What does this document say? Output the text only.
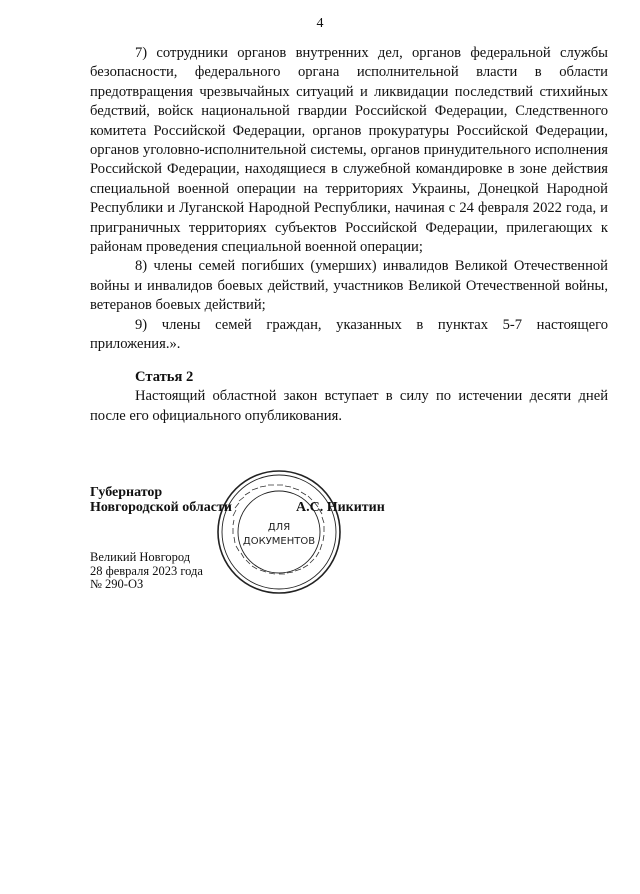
4

7) сотрудники органов внутренних дел, органов федеральной службы безопасности, федерального органа исполнительной власти в области предотвращения чрезвычайных ситуаций и ликвидации последствий стихийных бедствий, войск национальной гвардии Российской Федерации, Следственного комитета Российской Федерации, органов прокуратуры Российской Федерации, органов уголовно-исполнительной системы, органов принудительного исполнения Российской Федерации, находящиеся в служебной командировке в зоне действия специальной военной операции на территориях Украины, Донецкой Народной Республики и Луганской Народной Республики, начиная с 24 февраля 2022 года, и приграничных территориях субъектов Российской Федерации, прилегающих к районам проведения специальной военной операции;

8) члены семей погибших (умерших) инвалидов Великой Отечественной войны и инвалидов боевых действий, участников Великой Отечественной войны, ветеранов боевых действий;

9) члены семей граждан, указанных в пунктах 5-7 настоящего приложения.».

Статья 2

Настоящий областной закон вступает в силу по истечении десяти дней после его официального опубликования.

ДЛЯ
ДОКУМЕНТОВ
Губернатор
Новгородской области	А.С. Никитин
Великий Новгород
28 февраля 2023 года
№ 290-ОЗ
